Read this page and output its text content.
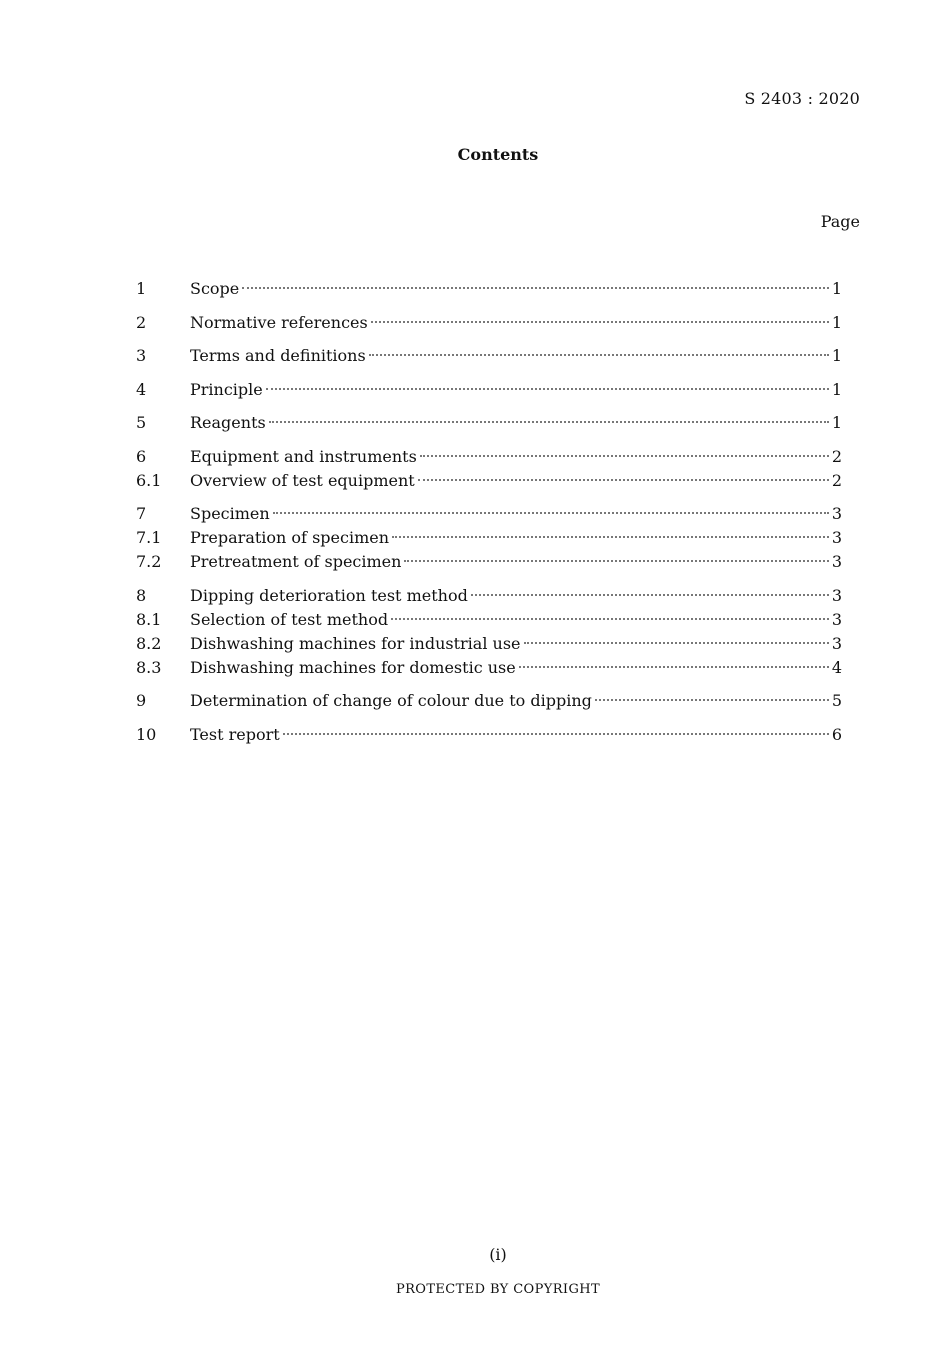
S 2403 : 2020
Contents
Page
1	Scope	1
2	Normative references	1
3	Terms and definitions	1
4	Principle	1
5	Reagents	1
6	Equipment and instruments	2
6.1	Overview of test equipment	2
7	Specimen	3
7.1	Preparation of specimen	3
7.2	Pretreatment of specimen	3
8	Dipping deterioration test method	3
8.1	Selection of test method	3
8.2	Dishwashing machines for industrial use	3
8.3	Dishwashing machines for domestic use	4
9	Determination of change of colour due to dipping	5
10	Test report	6
(i)
PROTECTED BY COPYRIGHT
